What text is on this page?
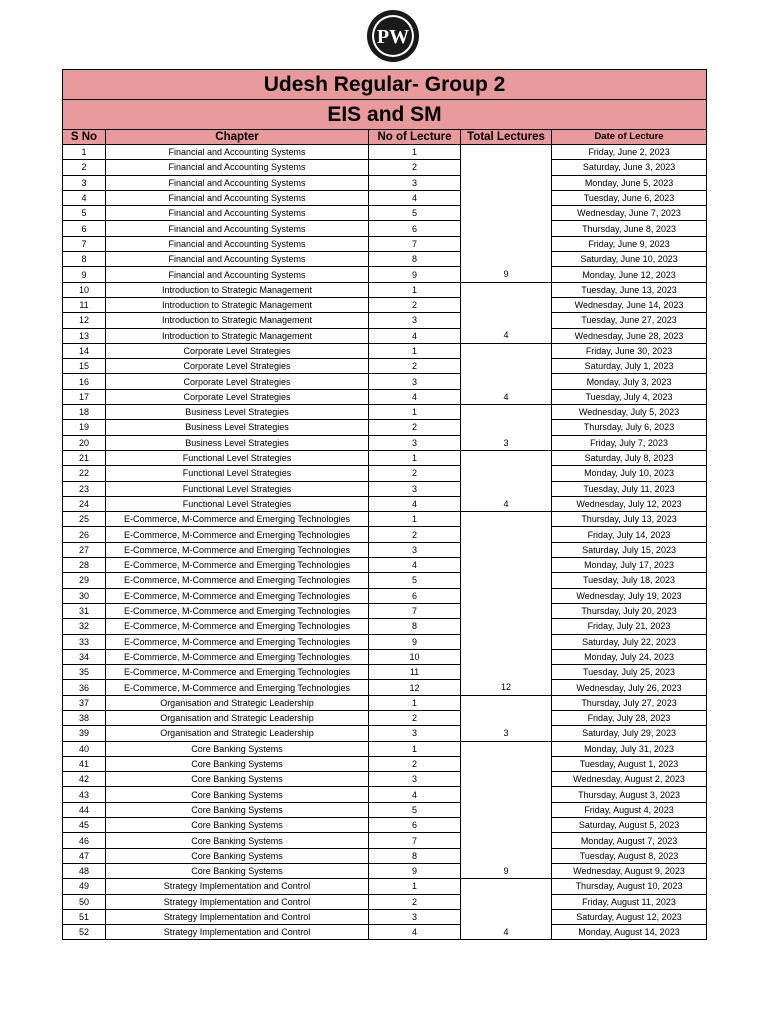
PW
Udesh Regular- Group 2				
EIS and SM				
S No	Chapter	No of Lecture	Total Lectures	Date of Lecture
1	Financial and Accounting Systems	1		Friday, June 2, 2023
2	Financial and Accounting Systems	2		Saturday, June 3, 2023
3	Financial and Accounting Systems	3		Monday, June 5, 2023
4	Financial and Accounting Systems	4		Tuesday, June 6, 2023
5	Financial and Accounting Systems	5		Wednesday, June 7, 2023
6	Financial and Accounting Systems	6		Thursday, June 8, 2023
7	Financial and Accounting Systems	7		Friday, June 9, 2023
8	Financial and Accounting Systems	8		Saturday, June 10, 2023
9	Financial and Accounting Systems	9	9	Monday, June 12, 2023
10	Introduction to Strategic Management	1		Tuesday, June 13, 2023
11	Introduction to Strategic Management	2		Wednesday, June 14, 2023
12	Introduction to Strategic Management	3		Tuesday, June 27, 2023
13	Introduction to Strategic Management	4	4	Wednesday, June 28, 2023
14	Corporate Level Strategies	1		Friday, June 30, 2023
15	Corporate Level Strategies	2		Saturday, July 1, 2023
16	Corporate Level Strategies	3		Monday, July 3, 2023
17	Corporate Level Strategies	4	4	Tuesday, July 4, 2023
18	Business Level Strategies	1		Wednesday, July 5, 2023
19	Business Level Strategies	2		Thursday, July 6, 2023
20	Business Level Strategies	3	3	Friday, July 7, 2023
21	Functional Level Strategies	1		Saturday, July 8, 2023
22	Functional Level Strategies	2		Monday, July 10, 2023
23	Functional Level Strategies	3		Tuesday, July 11, 2023
24	Functional Level Strategies	4	4	Wednesday, July 12, 2023
25	E-Commerce, M-Commerce and Emerging Technologies	1		Thursday, July 13, 2023
26	E-Commerce, M-Commerce and Emerging Technologies	2		Friday, July 14, 2023
27	E-Commerce, M-Commerce and Emerging Technologies	3		Saturday, July 15, 2023
28	E-Commerce, M-Commerce and Emerging Technologies	4		Monday, July 17, 2023
29	E-Commerce, M-Commerce and Emerging Technologies	5		Tuesday, July 18, 2023
30	E-Commerce, M-Commerce and Emerging Technologies	6		Wednesday, July 19, 2023
31	E-Commerce, M-Commerce and Emerging Technologies	7		Thursday, July 20, 2023
32	E-Commerce, M-Commerce and Emerging Technologies	8		Friday, July 21, 2023
33	E-Commerce, M-Commerce and Emerging Technologies	9		Saturday, July 22, 2023
34	E-Commerce, M-Commerce and Emerging Technologies	10		Monday, July 24, 2023
35	E-Commerce, M-Commerce and Emerging Technologies	11		Tuesday, July 25, 2023
36	E-Commerce, M-Commerce and Emerging Technologies	12	12	Wednesday, July 26, 2023
37	Organisation and Strategic Leadership	1		Thursday, July 27, 2023
38	Organisation and Strategic Leadership	2		Friday, July 28, 2023
39	Organisation and Strategic Leadership	3	3	Saturday, July 29, 2023
40	Core Banking Systems	1		Monday, July 31, 2023
41	Core Banking Systems	2		Tuesday, August 1, 2023
42	Core Banking Systems	3		Wednesday, August 2, 2023
43	Core Banking Systems	4		Thursday, August 3, 2023
44	Core Banking Systems	5		Friday, August 4, 2023
45	Core Banking Systems	6		Saturday, August 5, 2023
46	Core Banking Systems	7		Monday, August 7, 2023
47	Core Banking Systems	8		Tuesday, August 8, 2023
48	Core Banking Systems	9	9	Wednesday, August 9, 2023
49	Strategy Implementation and Control	1		Thursday, August 10, 2023
50	Strategy Implementation and Control	2		Friday, August 11, 2023
51	Strategy Implementation and Control	3		Saturday, August 12, 2023
52	Strategy Implementation and Control	4	4	Monday, August 14, 2023
